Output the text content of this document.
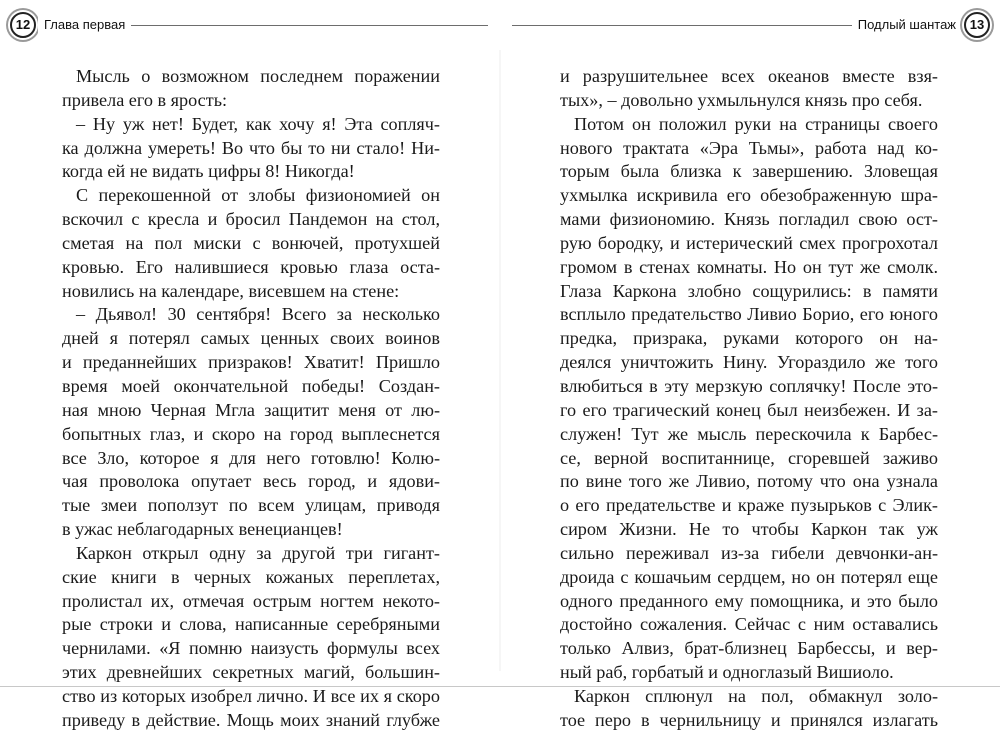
12	Глава первая

Мысль о возможном последнем поражении

привела его в ярость:

– Ну уж нет! Будет, как хочу я! Эта сопляч-

ка должна умереть! Во что бы то ни стало! Ни-

когда ей не видать цифры 8! Никогда!

С перекошенной от злобы физиономией он

вскочил с кресла и бросил Пандемон на стол,

сметая на пол миски с вонючей, протухшей

кровью. Его налившиеся кровью глаза оста-

новились на календаре, висевшем на стене:

– Дьявол! 30 сентября! Всего за несколько

дней я потерял самых ценных своих воинов

и преданнейших призраков! Хватит! Пришло

время моей окончательной победы! Создан-

ная мною Черная Мгла защитит меня от лю-

бопытных глаз, и скоро на город выплеснется

все Зло, которое я для него готовлю! Колю-

чая проволока опутает весь город, и ядови-

тые змеи поползут по всем улицам, приводя

в ужас неблагодарных венецианцев!

Каркон открыл одну за другой три гигант-

ские книги в черных кожаных переплетах,

пролистал их, отмечая острым ногтем некото-

рые строки и слова, написанные серебряными

чернилами. «Я помню наизусть формулы всех

этих древнейших секретных магий, большин-

ство из которых изобрел лично. И все их я скоро

приведу в действие. Мощь моих знаний глубже

Подлый шантаж	13

и разрушительнее всех океанов вместе взя-

тых», – довольно ухмыльнулся князь про себя.

Потом он положил руки на страницы своего

нового трактата «Эра Тьмы», работа над ко-

торым была близка к завершению. Зловещая

ухмылка искривила его обезображенную шра-

мами физиономию. Князь погладил свою ост-

рую бородку, и истерический смех прогрохотал

громом в стенах комнаты. Но он тут же смолк.

Глаза Каркона злобно сощурились: в памяти

всплыло предательство Ливио Борио, его юного

предка, призрака, руками которого он на-

деялся уничтожить Нину. Угораздило же того

влюбиться в эту мерзкую соплячку! После это-

го его трагический конец был неизбежен. И за-

служен! Тут же мысль перескочила к Барбес-

се, верной воспитаннице, сгоревшей заживо

по вине того же Ливио, потому что она узнала

о его предательстве и краже пузырьков с Элик-

сиром Жизни. Не то чтобы Каркон так уж

сильно переживал из-за гибели девчонки-ан-

дроида с кошачьим сердцем, но он потерял еще

одного преданного ему помощника, и это было

достойно сожаления. Сейчас с ним оставались

только Алвиз, брат-близнец Барбессы, и вер-

ный раб, горбатый и одноглазый Вишиоло.

Каркон сплюнул на пол, обмакнул золо-

тое перо в чернильницу и принялся излагать
